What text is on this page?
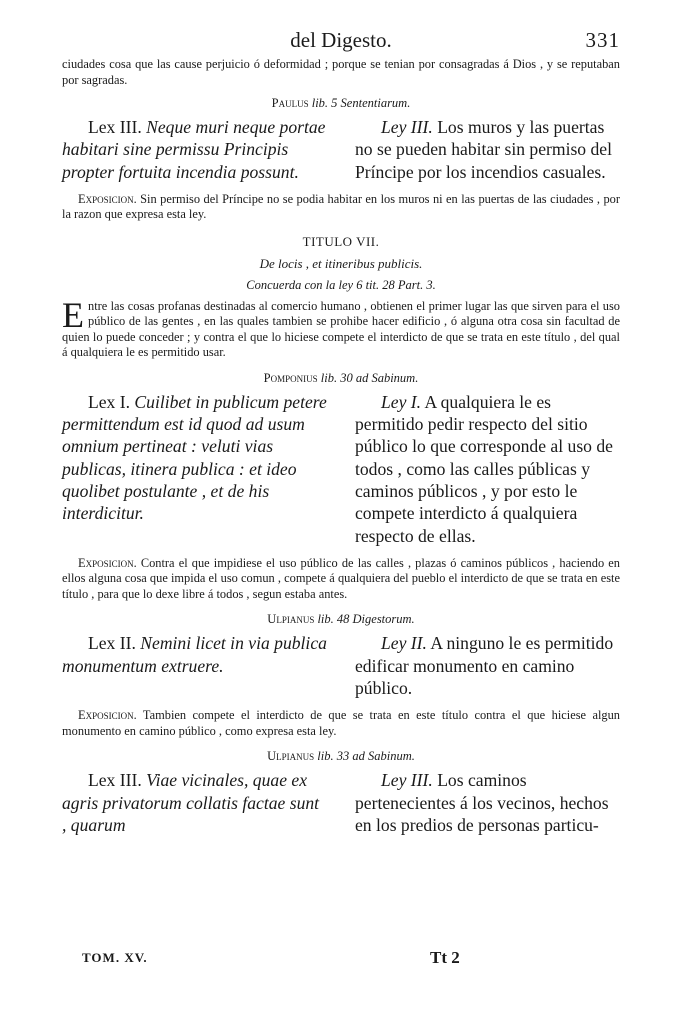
del Digesto.	331

ciudades cosa que las cause perjuicio ó deformidad ; porque se tenian por consagradas á Dios , y se reputaban por sagradas.

Paulus lib. 5 Sententiarum.

Lex III. Neque muri neque portae habitari sine permissu Principis propter fortuita incendia possunt.

Ley III. Los muros y las puertas no se pueden habitar sin permiso del Príncipe por los incendios casuales.

Exposicion. Sin permiso del Príncipe no se podia habitar en los muros ni en las puertas de las ciudades , por la razon que expresa esta ley.

TITULO VII.

De locis , et itineribus publicis.

Concuerda con la ley 6 tit. 28 Part. 3.

Entre las cosas profanas destinadas al comercio humano , obtienen el primer lugar las que sirven para el uso público de las gentes , en las quales tambien se prohibe hacer edificio , ó alguna otra cosa sin facultad de quien lo puede conceder ; y contra el que lo hiciese compete el interdicto de que se trata en este título , del qual á qualquiera le es permitido usar.

Pomponius lib. 30 ad Sabinum.

Lex I. Cuilibet in publicum petere permittendum est id quod ad usum omnium pertineat : veluti vias publicas, itinera publica : et ideo quolibet postulante , et de his interdicitur.

Ley I. A qualquiera le es permitido pedir respecto del sitio público lo que corresponde al uso de todos , como las calles públicas y caminos públicos , y por esto le compete interdicto á qualquiera respecto de ellas.

Exposicion. Contra el que impidiese el uso público de las calles , plazas ó caminos públicos , haciendo en ellos alguna cosa que impida el uso comun , compete á qualquiera del pueblo el interdicto de que se trata en este título , para que lo dexe libre á todos , segun estaba antes.

Ulpianus lib. 48 Digestorum.

Lex II. Nemini licet in via publica monumentum extruere.

Ley II. A ninguno le es permitido edificar monumento en camino público.

Exposicion. Tambien compete el interdicto de que se trata en este título contra el que hiciese algun monumento en camino público , como expresa esta ley.

Ulpianus lib. 33 ad Sabinum.

Lex III. Viae vicinales, quae ex agris privatorum collatis factae sunt , quarum

Ley III. Los caminos pertenecientes á los vecinos, hechos en los predios de personas particu-

TOM. XV.	Tt 2
